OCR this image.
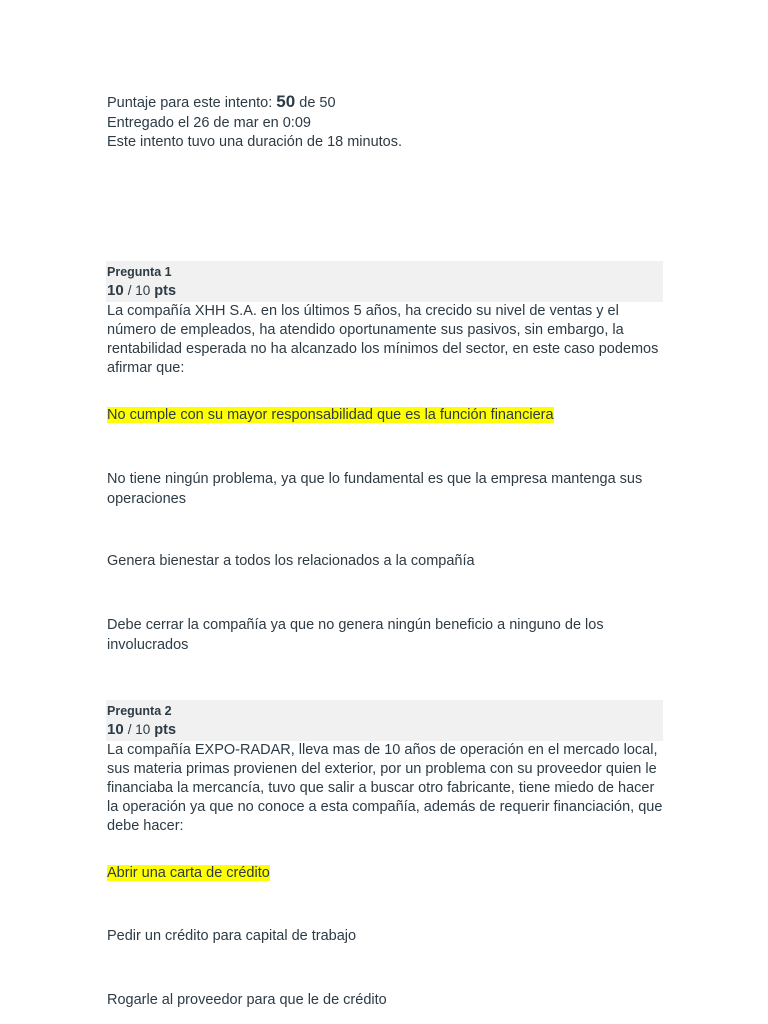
Puntaje para este intento: 50 de 50
Entregado el 26 de mar en 0:09
Este intento tuvo una duración de 18 minutos.
Pregunta 1
10 / 10 pts
La compañía XHH S.A. en los últimos 5 años, ha crecido su nivel de ventas y el número de empleados, ha atendido oportunamente sus pasivos, sin embargo, la rentabilidad esperada no ha alcanzado los mínimos del sector, en este caso podemos afirmar que:
No cumple con su mayor responsabilidad que es la función financiera
No tiene ningún problema, ya que lo fundamental es que la empresa mantenga sus operaciones
Genera bienestar a todos los relacionados a la compañía
Debe cerrar la compañía ya que no genera ningún beneficio a ninguno de los involucrados
Pregunta 2
10 / 10 pts
La compañía EXPO-RADAR, lleva mas de 10 años de operación en el mercado local, sus materia primas provienen del exterior, por un problema con su proveedor quien le financiaba la mercancía, tuvo que salir a buscar otro fabricante, tiene miedo de hacer la operación ya que no conoce a esta compañía, además de requerir financiación, que debe hacer:
Abrir una carta de crédito
Pedir un crédito para capital de trabajo
Rogarle al proveedor para que le de crédito
